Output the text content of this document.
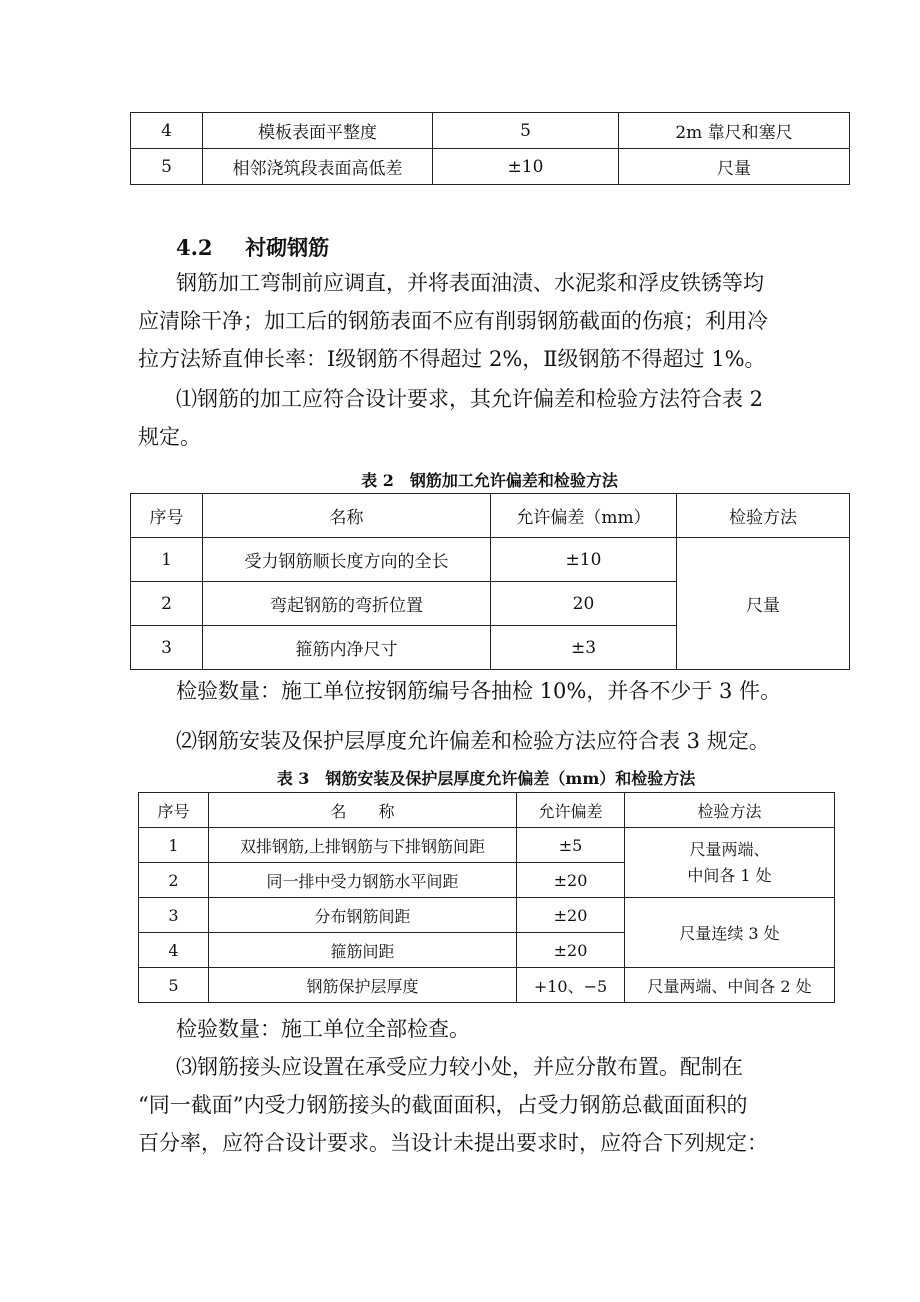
4	模板表面平整度	5	2m 靠尺和塞尺
5	相邻浇筑段表面高低差	±10	尺量
4.2 衬砌钢筋

钢筋加工弯制前应调直，并将表面油渍、水泥浆和浮皮铁锈等均

应清除干净；加工后的钢筋表面不应有削弱钢筋截面的伤痕；利用冷

拉方法矫直伸长率：Ⅰ级钢筋不得超过 2%，Ⅱ级钢筋不得超过 1%。

⑴钢筋的加工应符合设计要求，其允许偏差和检验方法符合表 2

规定。

表 2　钢筋加工允许偏差和检验方法
序号	名称	允许偏差（mm）	检验方法
1	受力钢筋顺长度方向的全长	±10	尺量
2	弯起钢筋的弯折位置	20	
3	箍筋内净尺寸	±3	

检验数量：施工单位按钢筋编号各抽检 10%，并各不少于 3 件。

⑵钢筋安装及保护层厚度允许偏差和检验方法应符合表 3 规定。

表 3　钢筋安装及保护层厚度允许偏差（mm）和检验方法
序号	名　　称	允许偏差	检验方法
1	双排钢筋,上排钢筋与下排钢筋间距	±5	尺量两端、
中间各 1 处
2	同一排中受力钢筋水平间距	±20	
3	分布钢筋间距	±20	尺量连续 3 处
4	箍筋间距	±20	
5	钢筋保护层厚度	+10、−5	尺量两端、中间各 2 处

检验数量：施工单位全部检查。

⑶钢筋接头应设置在承受应力较小处，并应分散布置。配制在

“同一截面”内受力钢筋接头的截面面积，占受力钢筋总截面面积的

百分率，应符合设计要求。当设计未提出要求时，应符合下列规定：
